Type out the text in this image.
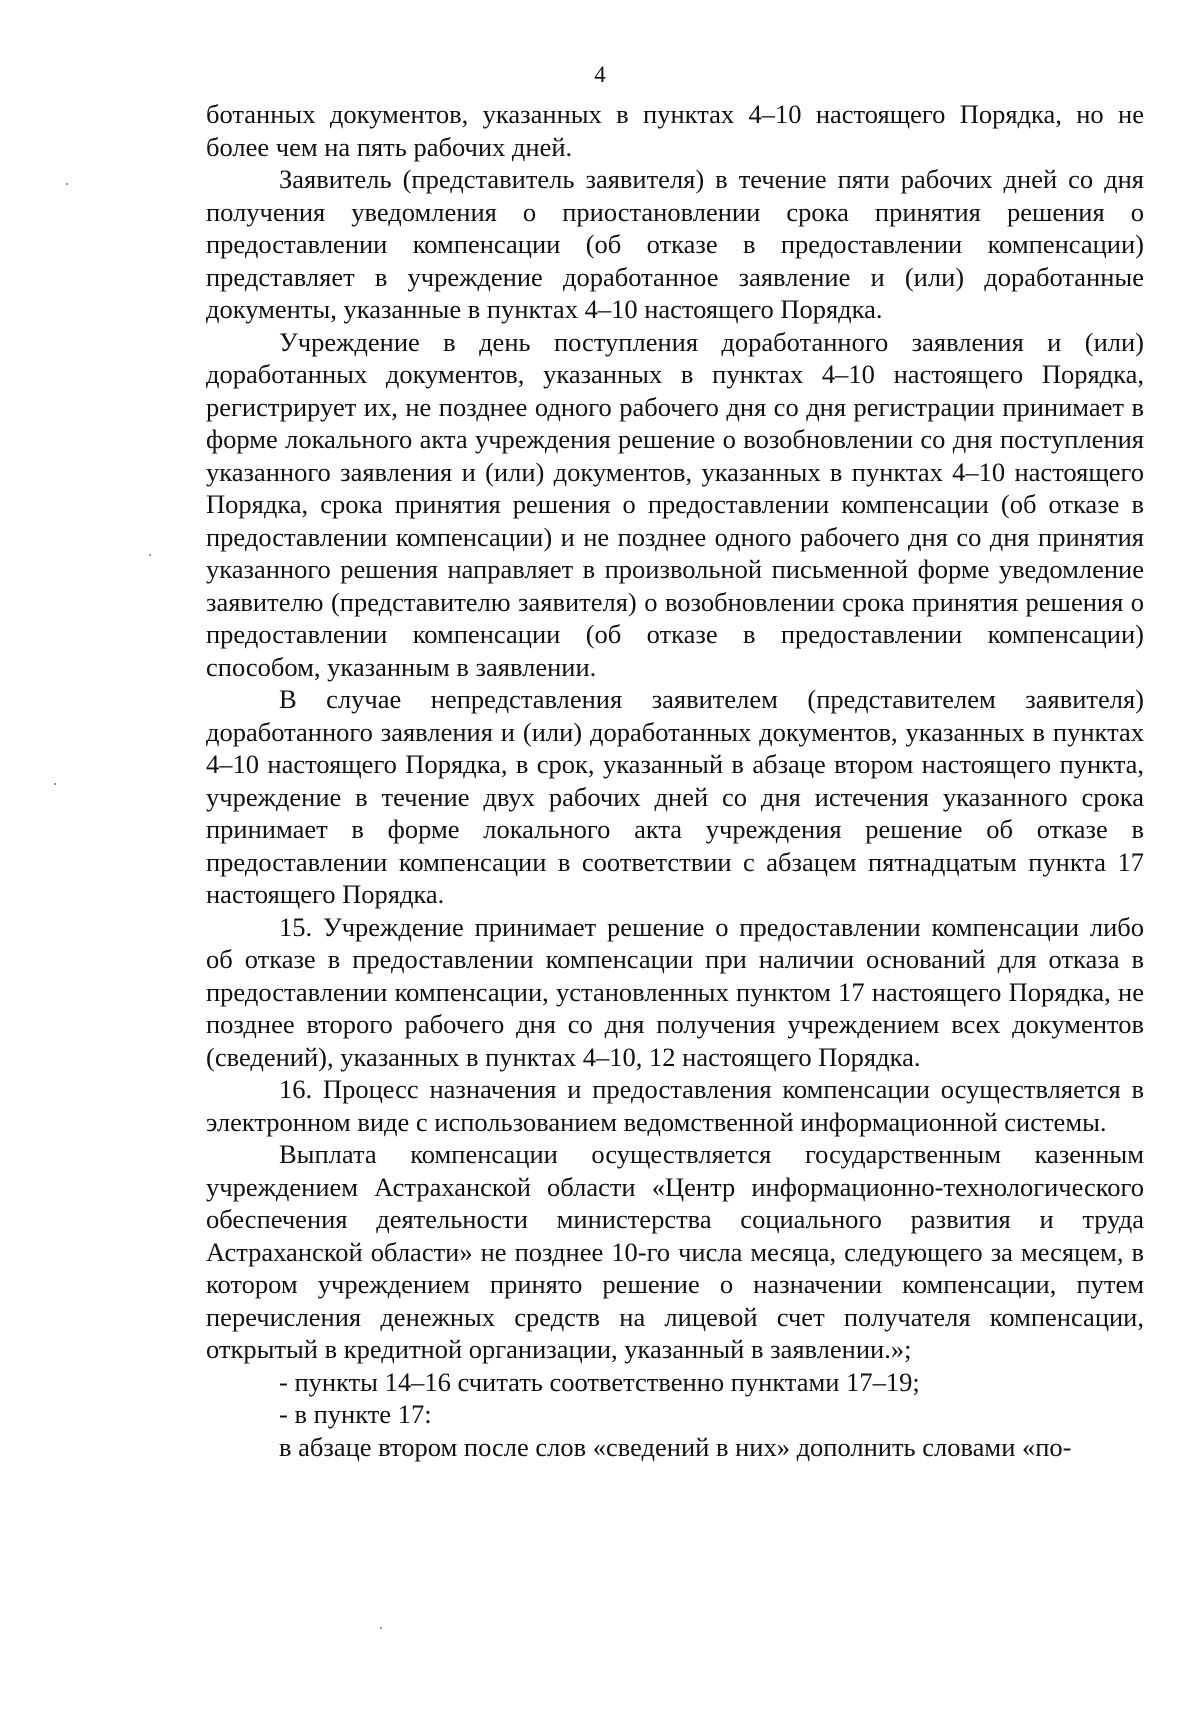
4

ботанных документов, указанных в пунктах 4–10 настоящего Порядка, но не более чем на пять рабочих дней.

Заявитель (представитель заявителя) в течение пяти рабочих дней со дня получения уведомления о приостановлении срока принятия решения о предоставлении компенсации (об отказе в предоставлении компенсации) представляет в учреждение доработанное заявление и (или) доработанные документы, указанные в пунктах 4–10 настоящего Порядка.

Учреждение в день поступления доработанного заявления и (или) доработанных документов, указанных в пунктах 4–10 настоящего Порядка, регистрирует их, не позднее одного рабочего дня со дня регистрации принимает в форме локального акта учреждения решение о возобновлении со дня поступления указанного заявления и (или) документов, указанных в пунктах 4–10 настоящего Порядка, срока принятия решения о предоставлении компенсации (об отказе в предоставлении компенсации) и не позднее одного рабочего дня со дня принятия указанного решения направляет в произвольной письменной форме уведомление заявителю (представителю заявителя) о возобновлении срока принятия решения о предоставлении компенсации (об отказе в предоставлении компенсации) способом, указанным в заявлении.

В случае непредставления заявителем (представителем заявителя) доработанного заявления и (или) доработанных документов, указанных в пунктах 4–10 настоящего Порядка, в срок, указанный в абзаце втором настоящего пункта, учреждение в течение двух рабочих дней со дня истечения указанного срока принимает в форме локального акта учреждения решение об отказе в предоставлении компенсации в соответствии с абзацем пятнадцатым пункта 17 настоящего Порядка.

15. Учреждение принимает решение о предоставлении компенсации либо об отказе в предоставлении компенсации при наличии оснований для отказа в предоставлении компенсации, установленных пунктом 17 настоящего Порядка, не позднее второго рабочего дня со дня получения учреждением всех документов (сведений), указанных в пунктах 4–10, 12 настоящего Порядка.

16. Процесс назначения и предоставления компенсации осуществляется в электронном виде с использованием ведомственной информационной системы.

Выплата компенсации осуществляется государственным казенным учреждением Астраханской области «Центр информационно-технологического обеспечения деятельности министерства социального развития и труда Астраханской области» не позднее 10-го числа месяца, следующего за месяцем, в котором учреждением принято решение о назначении компенсации, путем перечисления денежных средств на лицевой счет получателя компенсации, открытый в кредитной организации, указанный в заявлении.»;

- пункты 14–16 считать соответственно пунктами 17–19;

- в пункте 17:

в абзаце втором после слов «сведений в них» дополнить словами «по-
